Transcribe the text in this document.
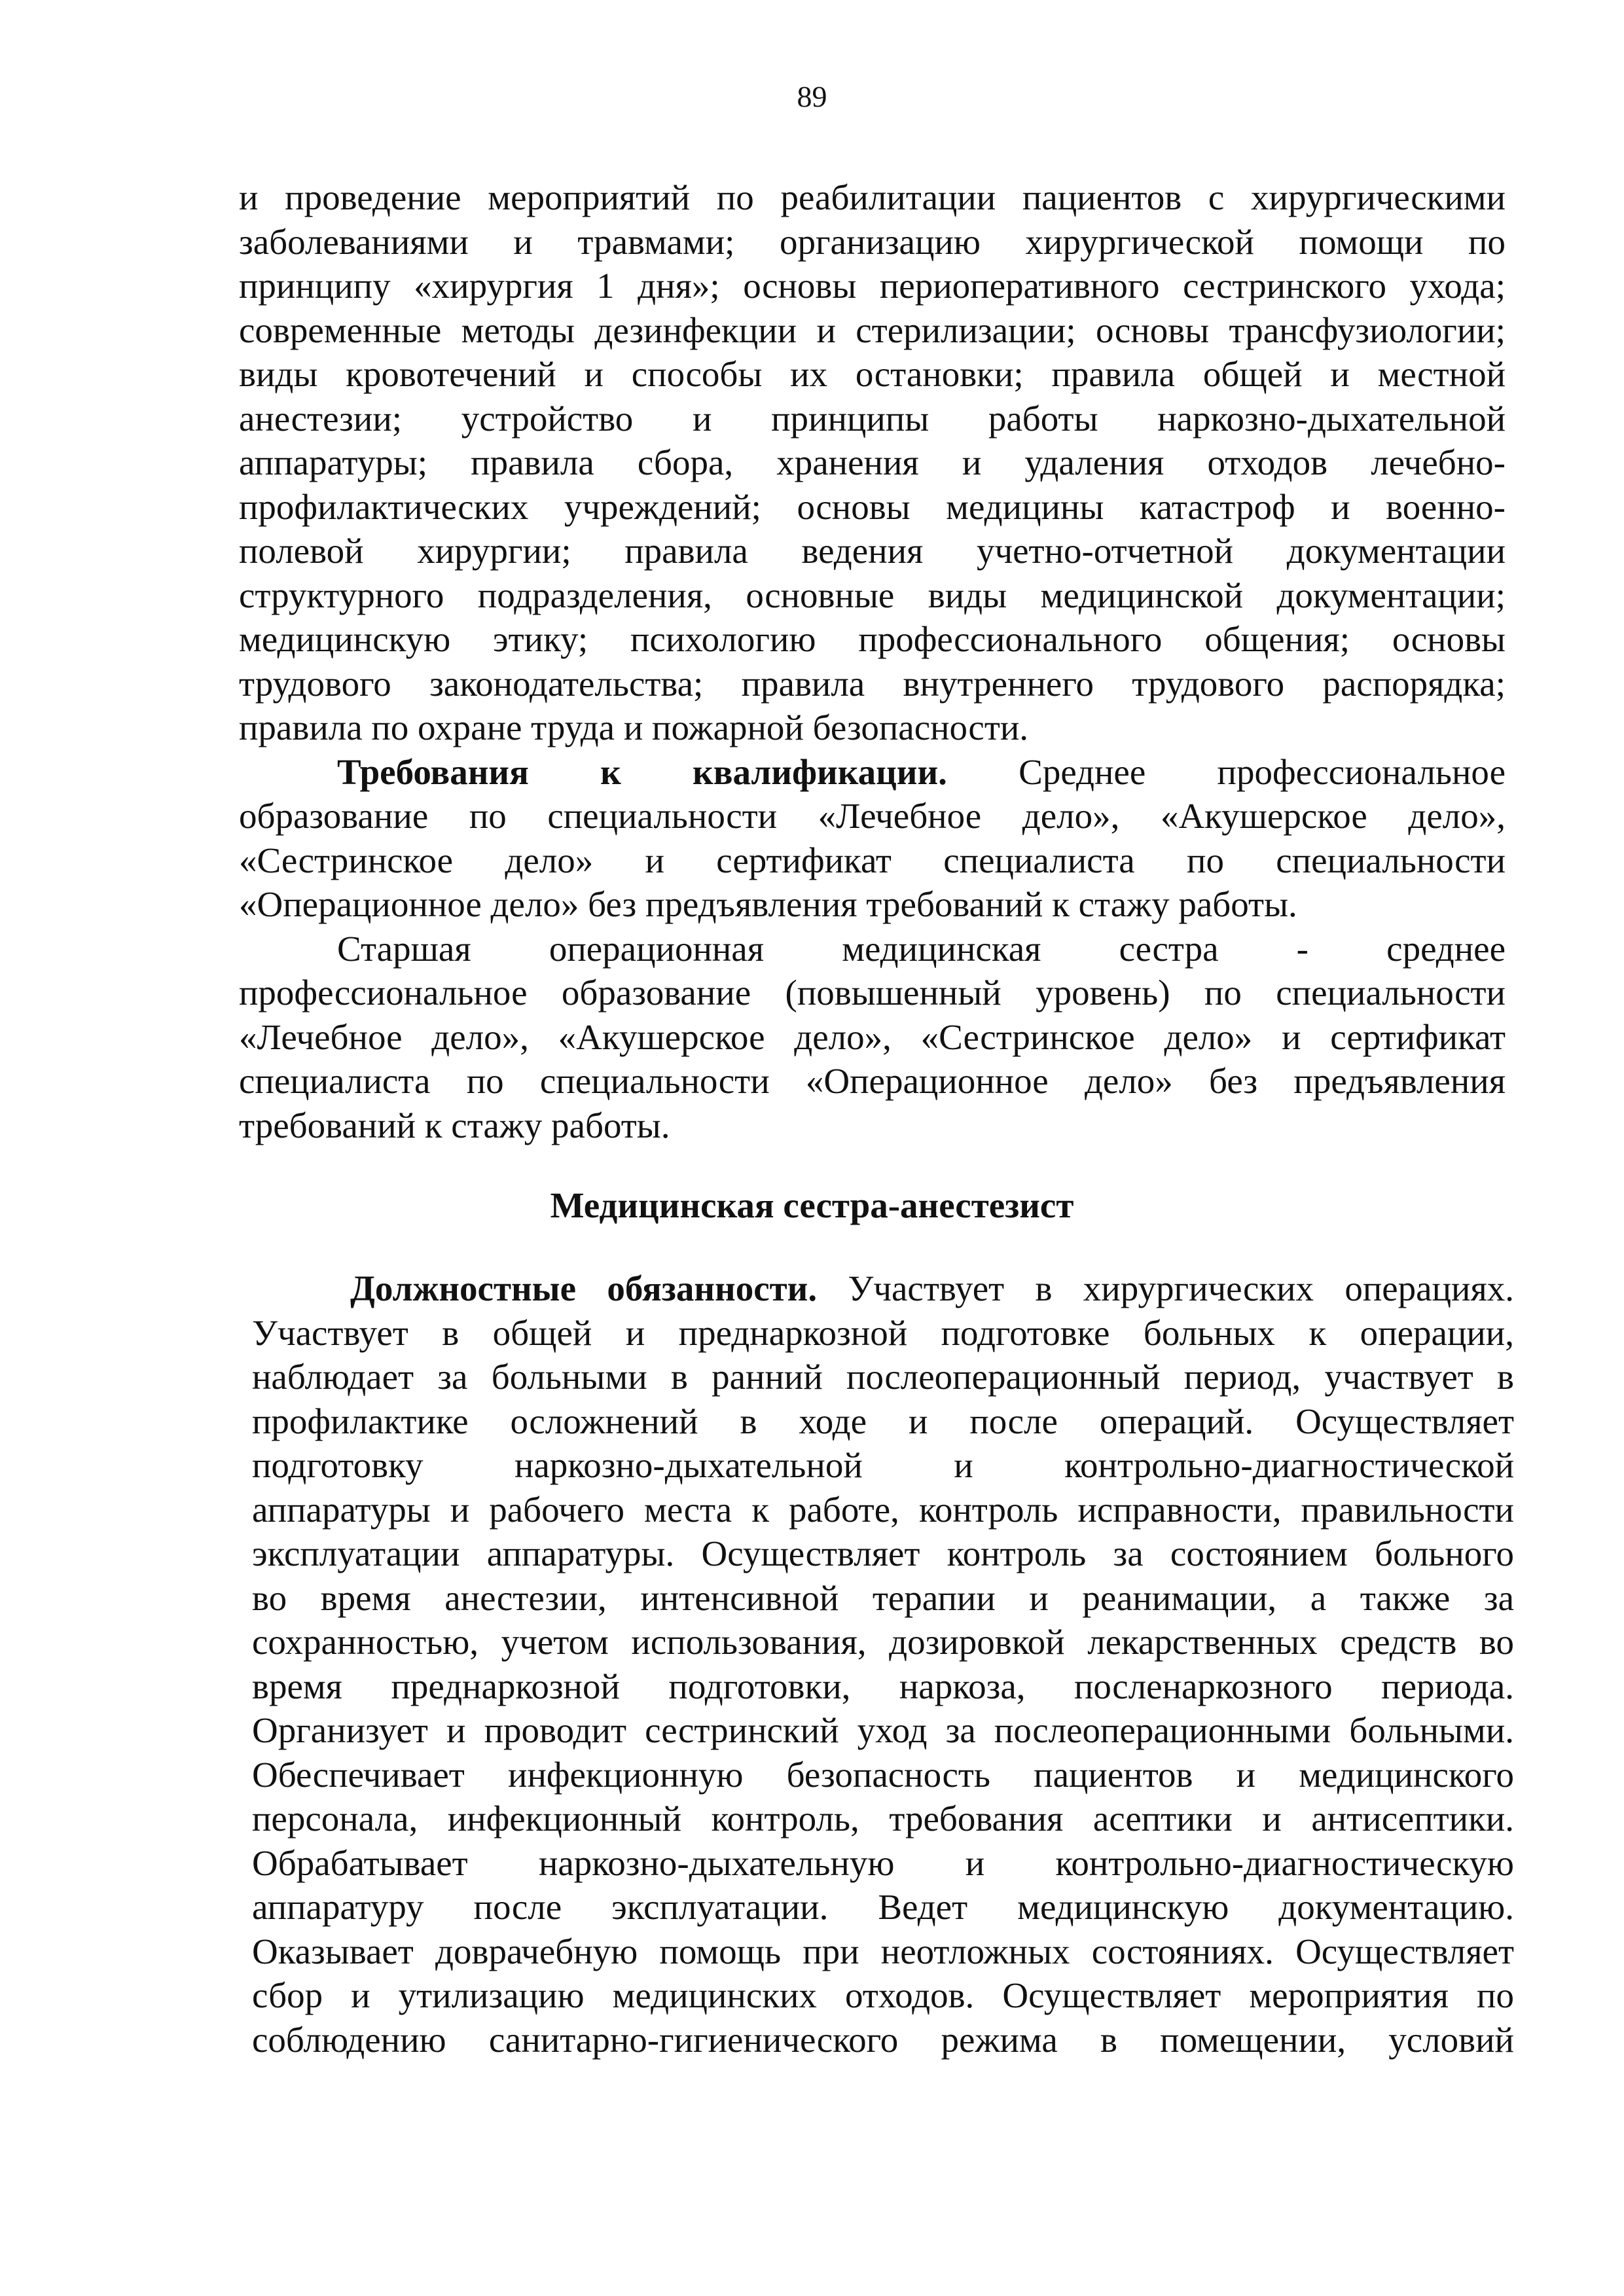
89
и проведение мероприятий по реабилитации пациентов с хирургическими
заболеваниями и травмами; организацию хирургической помощи по
принципу «хирургия 1 дня»; основы периоперативного сестринского ухода;
современные методы дезинфекции и стерилизации; основы трансфузиологии;
виды кровотечений и способы их остановки; правила общей и местной
анестезии; устройство и принципы работы наркозно-дыхательной
аппаратуры; правила сбора, хранения и удаления отходов лечебно-
профилактических учреждений; основы медицины катастроф и военно-
полевой хирургии; правила ведения учетно-отчетной документации
структурного подразделения, основные виды медицинской документации;
медицинскую этику; психологию профессионального общения; основы
трудового законодательства; правила внутреннего трудового распорядка;
правила по охране труда и пожарной безопасности.
Требования к квалификации. Среднее профессиональное
образование по специальности «Лечебное дело», «Акушерское дело»,
«Сестринское дело» и сертификат специалиста по специальности
«Операционное дело» без предъявления требований к стажу работы.
Старшая операционная медицинская сестра - среднее
профессиональное образование (повышенный уровень) по специальности
«Лечебное дело», «Акушерское дело», «Сестринское дело» и сертификат
специалиста по специальности «Операционное дело» без предъявления
требований к стажу работы.
Медицинская сестра-анестезист
Должностные обязанности. Участвует в хирургических операциях.
Участвует в общей и преднаркозной подготовке больных к операции,
наблюдает за больными в ранний послеоперационный период, участвует в
профилактике осложнений в ходе и после операций. Осуществляет
подготовку наркозно-дыхательной и контрольно-диагностической
аппаратуры и рабочего места к работе, контроль исправности, правильности
эксплуатации аппаратуры. Осуществляет контроль за состоянием больного
во время анестезии, интенсивной терапии и реанимации, а также за
сохранностью, учетом использования, дозировкой лекарственных средств во
время преднаркозной подготовки, наркоза, посленаркозного периода.
Организует и проводит сестринский уход за послеоперационными больными.
Обеспечивает инфекционную безопасность пациентов и медицинского
персонала, инфекционный контроль, требования асептики и антисептики.
Обрабатывает наркозно-дыхательную и контрольно-диагностическую
аппаратуру после эксплуатации. Ведет медицинскую документацию.
Оказывает доврачебную помощь при неотложных состояниях. Осуществляет
сбор и утилизацию медицинских отходов. Осуществляет мероприятия по
соблюдению санитарно-гигиенического режима в помещении, условий
